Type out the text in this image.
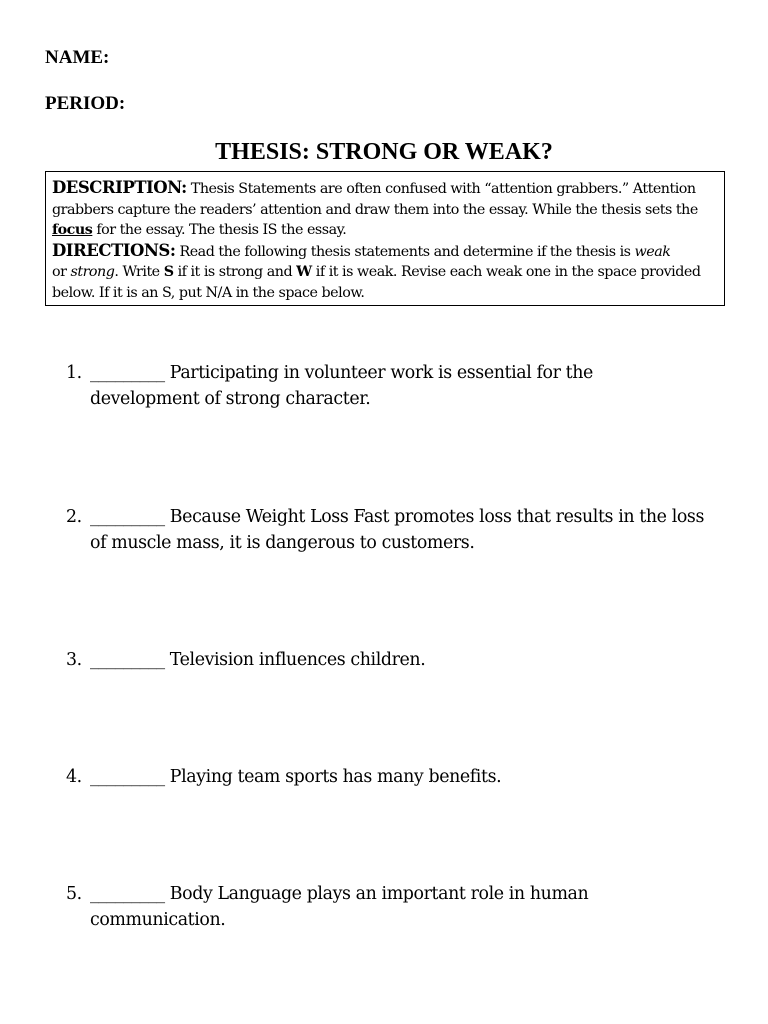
NAME:
PERIOD:
THESIS: STRONG OR WEAK?

DESCRIPTION: Thesis Statements are often confused with “attention grabbers.” Attention grabbers capture the readers’ attention and draw them into the essay. While the thesis sets the focus for the essay. The thesis IS the essay.

DIRECTIONS: Read the following thesis statements and determine if the thesis is weak
or strong. Write S if it is strong and W if it is weak. Revise each weak one in the space provided below. If it is an S, put N/A in the space below.

1. _________ Participating in volunteer work is essential for the development of strong character.
2. _________ Because Weight Loss Fast promotes loss that results in the loss of muscle mass, it is dangerous to customers.
3. _________ Television influences children.
4. _________ Playing team sports has many benefits.
5. _________ Body Language plays an important role in human communication.
